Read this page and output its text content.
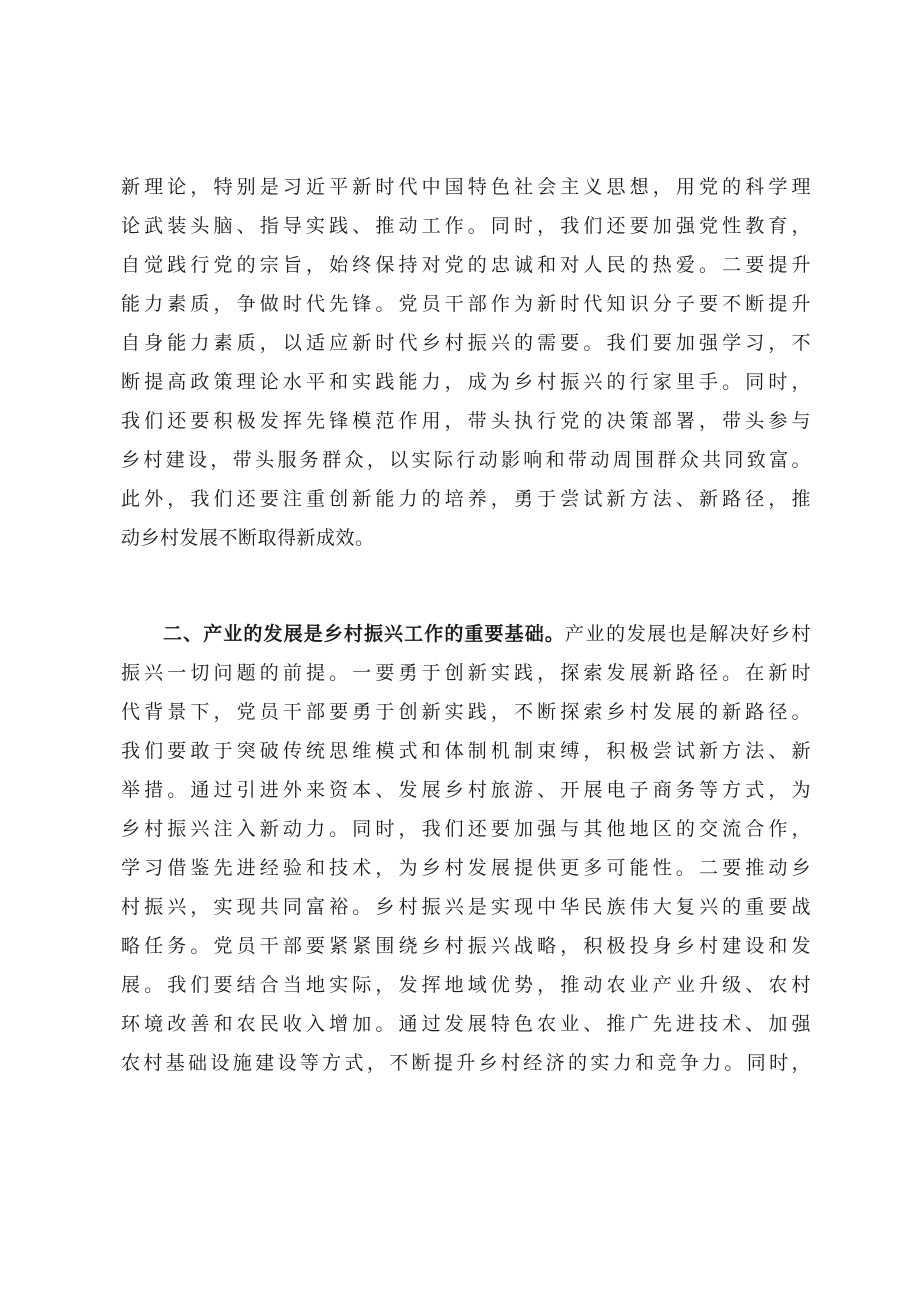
新理论，特别是习近平新时代中国特色社会主义思想，用党的科学理
论武装头脑、指导实践、推动工作。同时，我们还要加强党性教育，
自觉践行党的宗旨，始终保持对党的忠诚和对人民的热爱。二要提升
能力素质，争做时代先锋。党员干部作为新时代知识分子要不断提升
自身能力素质，以适应新时代乡村振兴的需要。我们要加强学习，不
断提高政策理论水平和实践能力，成为乡村振兴的行家里手。同时，
我们还要积极发挥先锋模范作用，带头执行党的决策部署，带头参与
乡村建设，带头服务群众，以实际行动影响和带动周围群众共同致富。
此外，我们还要注重创新能力的培养，勇于尝试新方法、新路径，推
动乡村发展不断取得新成效。
二、产业的发展是乡村振兴工作的重要基础。产业的发展也是解决好乡村
振兴一切问题的前提。一要勇于创新实践，探索发展新路径。在新时
代背景下，党员干部要勇于创新实践，不断探索乡村发展的新路径。
我们要敢于突破传统思维模式和体制机制束缚，积极尝试新方法、新
举措。通过引进外来资本、发展乡村旅游、开展电子商务等方式，为
乡村振兴注入新动力。同时，我们还要加强与其他地区的交流合作，
学习借鉴先进经验和技术，为乡村发展提供更多可能性。二要推动乡
村振兴，实现共同富裕。乡村振兴是实现中华民族伟大复兴的重要战
略任务。党员干部要紧紧围绕乡村振兴战略，积极投身乡村建设和发
展。我们要结合当地实际，发挥地域优势，推动农业产业升级、农村
环境改善和农民收入增加。通过发展特色农业、推广先进技术、加强
农村基础设施建设等方式，不断提升乡村经济的实力和竞争力。同时，
